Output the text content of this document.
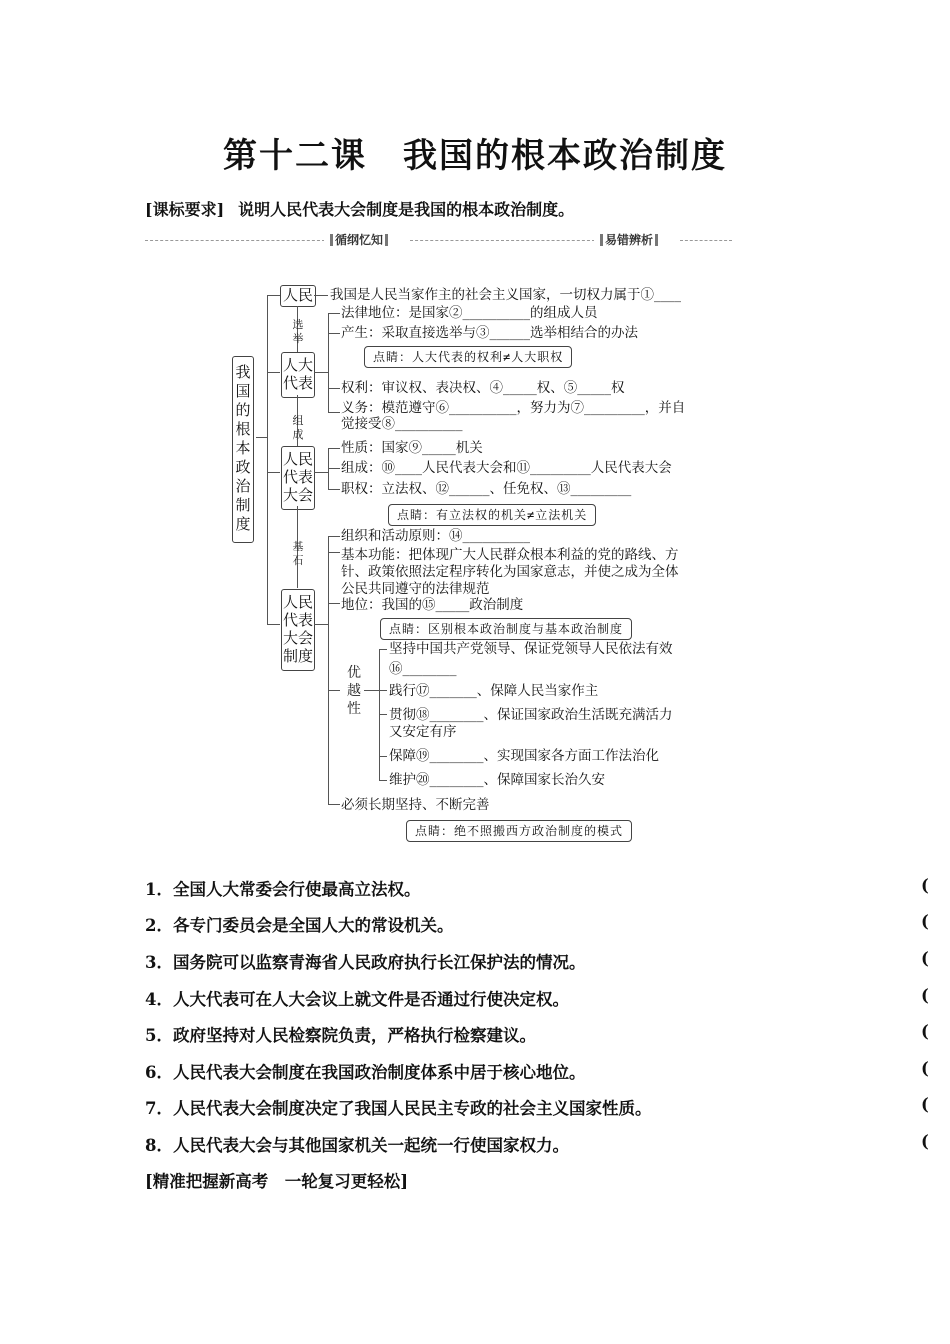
第十二课　我国的根本政治制度
[课标要求] 说明人民代表大会制度是我国的根本政治制度。
循纲忆知	易错辨析
我国的根本政治制度
人民
人大代表
人民代表大会
人民代表大会制度
选　举
组　成
基　石
我国是人民当家作主的社会主义国家，一切权力属于①____
法律地位：是国家②__________的组成人员
产生：采取直接选举与③______选举相结合的办法
点睛：人大代表的权利≠人大职权
权利：审议权、表决权、④_____权、⑤_____权
义务：模范遵守⑥__________，努力为⑦_________，并自
觉接受⑧__________
性质：国家⑨_____机关
组成：⑩____人民代表大会和⑪_________人民代表大会
职权：立法权、⑫______、任免权、⑬_________
点睛：有立法权的机关≠立法机关
组织和活动原则：⑭__________
基本功能：把体现广大人民群众根本利益的党的路线、方
针、政策依照法定程序转化为国家意志，并使之成为全体
公民共同遵守的法律规范
地位：我国的⑮_____政治制度
点睛：区别根本政治制度与基本政治制度
优越性
坚持中国共产党领导、保证党领导人民依法有效
⑯________
践行⑰_______、保障人民当家作主
贯彻⑱________、保证国家政治生活既充满活力
又安定有序
保障⑲________、实现国家各方面工作法治化
维护⑳________、保障国家长治久安
必须长期坚持、不断完善
点睛：绝不照搬西方政治制度的模式
1．全国人大常委会行使最高立法权。
2．各专门委员会是全国人大的常设机关。
3．国务院可以监察青海省人民政府执行长江保护法的情况。
4．人大代表可在人大会议上就文件是否通过行使决定权。
5．政府坚持对人民检察院负责，严格执行检察建议。
6．人民代表大会制度在我国政治制度体系中居于核心地位。
7．人民代表大会制度决定了我国人民民主专政的社会主义国家性质。
8．人民代表大会与其他国家机关一起统一行使国家权力。
(
(
(
(
(
(
(
(
[精准把握新高考　一轮复习更轻松]
